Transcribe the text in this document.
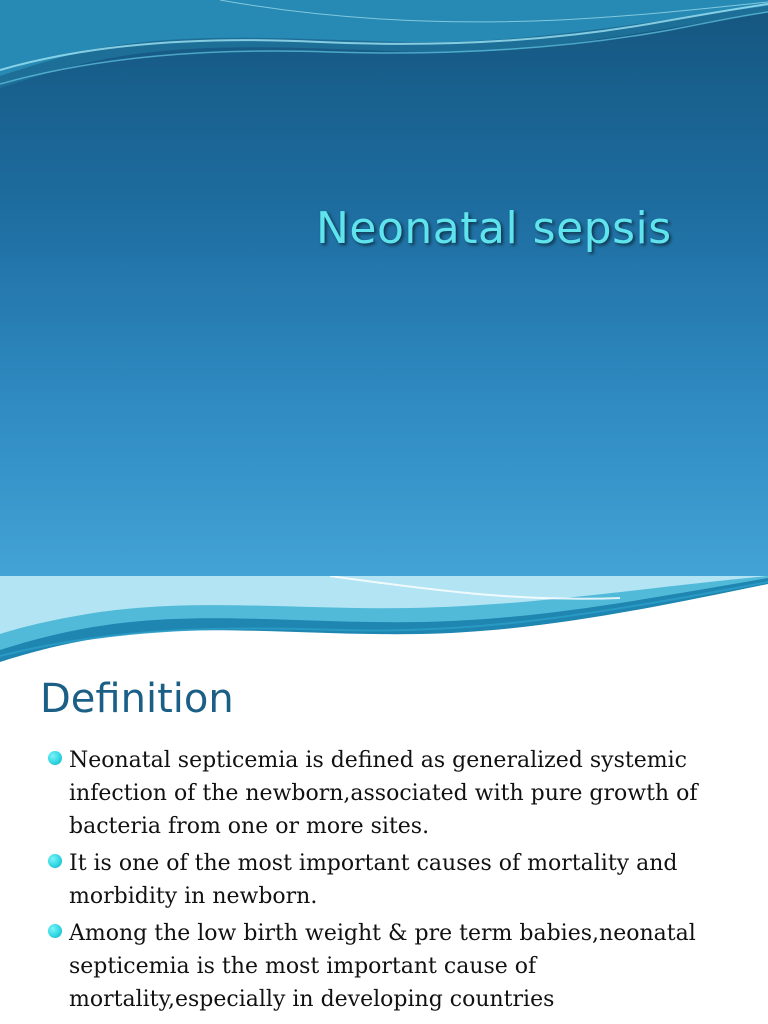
Neonatal sepsis
Definition
Neonatal septicemia is defined as generalized systemic infection of the newborn,associated with pure growth of bacteria from one or more sites.
It is one of the most important causes of mortality and morbidity in newborn.
Among the low birth weight & pre term babies,neonatal septicemia is the most important cause of mortality,especially in developing countries
